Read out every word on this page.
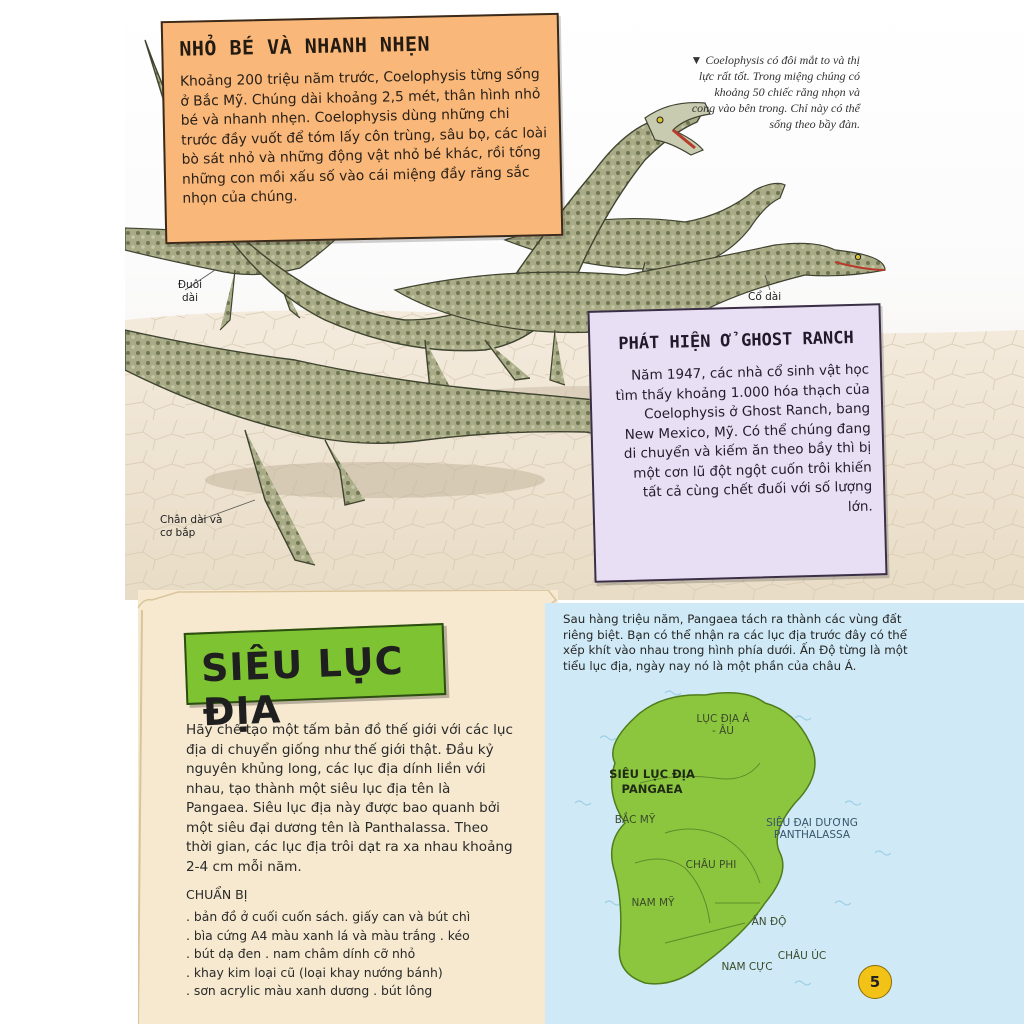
▼ Coelophysis có đôi mắt to và thị lực rất tốt. Trong miệng chúng có khoảng 50 chiếc răng nhọn và cong vào bên trong. Chỉ này có thể sống theo bầy đàn.
Đuôi dài	Cổ dài
Chân dài và cơ bắp
NHỎ BÉ VÀ NHANH NHẸN

Khoảng 200 triệu năm trước, Coelophysis từng sống ở Bắc Mỹ. Chúng dài khoảng 2,5 mét, thân hình nhỏ bé và nhanh nhẹn. Coelophysis dùng những chi trước đầy vuốt để tóm lấy côn trùng, sâu bọ, các loài bò sát nhỏ và những động vật nhỏ bé khác, rồi tống những con mồi xấu số vào cái miệng đầy răng sắc nhọn của chúng.

PHÁT HIỆN Ở GHOST RANCH

Năm 1947, các nhà cổ sinh vật học tìm thấy khoảng 1.000 hóa thạch của Coelophysis ở Ghost Ranch, bang New Mexico, Mỹ. Có thể chúng đang di chuyển và kiếm ăn theo bầy thì bị một cơn lũ đột ngột cuốn trôi khiến tất cả cùng chết đuối với số lượng lớn.

SIÊU LỤC ĐỊA

Hãy chế tạo một tấm bản đồ thế giới với các lục địa di chuyển giống như thế giới thật. Đầu kỷ nguyên khủng long, các lục địa dính liền với nhau, tạo thành một siêu lục địa tên là Pangaea. Siêu lục địa này được bao quanh bởi một siêu đại dương tên là Panthalassa. Theo thời gian, các lục địa trôi dạt ra xa nhau khoảng 2-4 cm mỗi năm.

CHUẨN BỊ
. bản đồ ở cuối cuốn sách. giấy can và bút chì
. bìa cứng A4 màu xanh lá và màu trắng . kéo
. bút dạ đen . nam châm dính cỡ nhỏ
. khay kim loại cũ (loại khay nướng bánh)
. sơn acrylic màu xanh dương . bút lông

Sau hàng triệu năm, Pangaea tách ra thành các vùng đất riêng biệt. Bạn có thể nhận ra các lục địa trước đây có thể xếp khít vào nhau trong hình phía dưới. Ấn Độ từng là một tiểu lục địa, ngày nay nó là một phần của châu Á.

SIÊU LỤC ĐỊA PANGAEA
LỤC ĐỊA Á - ÂU
BẮC MỸ
CHÂU PHI
NAM MỸ
ẤN ĐỘ
NAM CỰC
CHÂU ÚC
SIÊU ĐẠI DƯƠNG PANTHALASSA
5
